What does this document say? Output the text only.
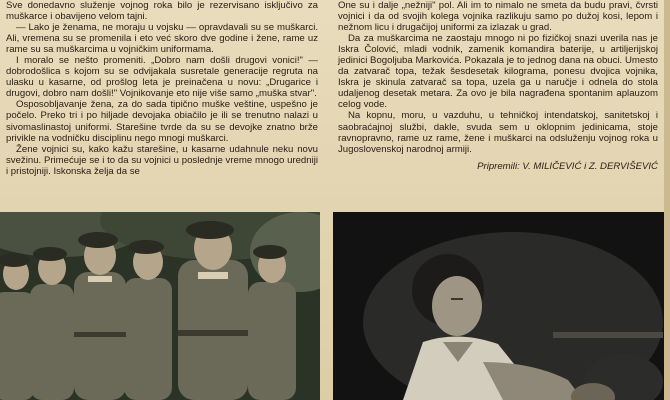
Sve donedavno služenje vojnog roka bilo je rezervisano isključivo za muškarce i obavijeno velom tajni.

— Lako je ženama, ne moraju u vojsku — opravdavali su se muškarci. Ali, vremena su se promenila i eto već skoro dve godine i žene, rame uz rame su sa muškarcima u vojničkim uniformama.

I moralo se nešto promeniti. „Dobro nam došli drugovi vonici!" — dobrodošlica s kojom su se odvijakala susretale generacije regruta na ulasku u kasarne, od prošlog leta je preinačena u novu: „Drugarice i drugovi, dobro nam došli!" Vojnikovanje eto nije više samo „muška stvar".

Osposobljavanje žena, za do sada tipično muške veštine, uspešno je počelo. Preko tri i po hiljade devojaka obiačilo je ili se trenutno nalazi u sivomaslinastoj uniformi. Starešine tvrde da su se devojke znatno brže privikle na vodničku disciplinu nego mnogi muškarci.

Žene vojnici su, kako kažu starešine, u kasarne udahnule neku novu svežinu. Primećuje se i to da su vojnici u poslednje vreme mnogo uredniji i pristojniji. Iskonska želja da se

One su i dalje „nežniji" pol. Ali im to nimalo ne smeta da budu pravi, čvrsti vojnici i da od svojih kolega vojnika razlikuju samo po dužoj kosi, lepom i nežnom licu i drugačijoj uniformi za izlazak u grad.

Da za muškarcima ne zaostaju mnogo ni po fizičkoj snazi uverila nas je Iskra Čolović, mladi vodnik, zamenik komandira baterije, u artiljerijskoj jedinici Bogoljuba Markovića. Pokazala je to jednog dana na obuci. Umesto da zatvarač topa, težak šesdesetak kilograma, ponesu dvojica vojnika, Iskra je skinula zatvarač sa topa, uzela ga u naručje i odnela do stola udaljenog desetak metara. Za ovo je bila nagrađena spontanim aplauzom celog vode.

Na kopnu, moru, u vazduhu, u tehničkoj intendatskoj, sanitetskoj i saobraćajnoj službi, dakle, svuda sem u oklopnim jedinicama, stoje ravnopravno, rame uz rame, žene i muškarci na odsluženju vojnog roka u Jugoslovenskoj narodnoj armiji.

Pripremili: V. MILIČEVIĆ i Z. DERVIŠEVIĆ
